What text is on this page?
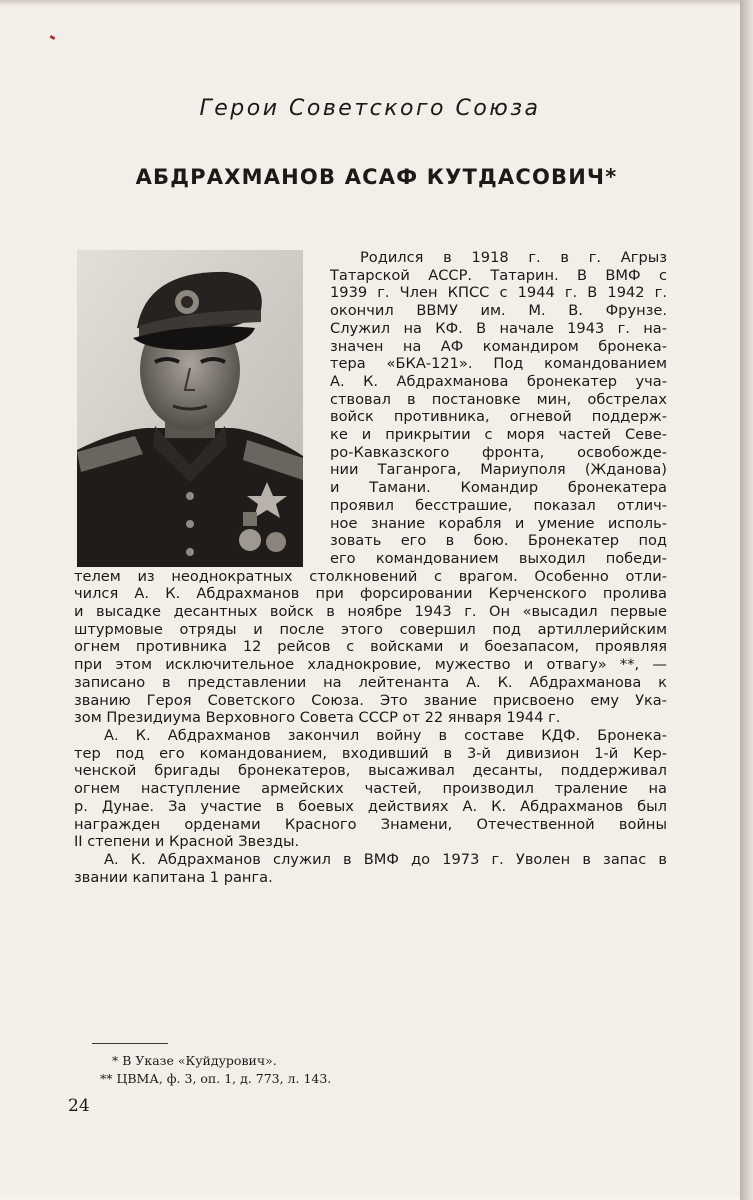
Герои Советского Союза
АБДРАХМАНОВ АСАФ КУТДАСОВИЧ*
Родился в 1918 г. в г. Агрыз
Татарской АССР. Татарин. В ВМФ с
1939 г. Член КПСС с 1944 г. В 1942 г.
окончил ВВМУ им. М. В. Фрунзе.
Служил на КФ. В начале 1943 г. на-
значен на АФ командиром бронека-
тера «БКА-121». Под командованием
А. К. Абдрахманова бронекатер уча-
ствовал в постановке мин, обстрелах
войск противника, огневой поддерж-
ке и прикрытии с моря частей Севе-
ро-Кавказского фронта, освобожде-
нии Таганрога, Мариуполя (Жданова)
и Тамани. Командир бронекатера
проявил бесстрашие, показал отлич-
ное знание корабля и умение исполь-
зовать его в бою. Бронекатер под
его командованием выходил победи-
телем из неоднократных столкновений с врагом. Особенно отли-
чился А. К. Абдрахманов при форсировании Керченского пролива
и высадке десантных войск в ноябре 1943 г. Он «высадил первые
штурмовые отряды и после этого совершил под артиллерийским
огнем противника 12 рейсов с войсками и боезапасом, проявляя
при этом исключительное хладнокровие, мужество и отвагу» **, —
записано в представлении на лейтенанта А. К. Абдрахманова к
званию Героя Советского Союза. Это звание присвоено ему Ука-
зом Президиума Верховного Совета СССР от 22 января 1944 г.
А. К. Абдрахманов закончил войну в составе КДФ. Бронека-
тер под его командованием, входивший в 3-й дивизион 1-й Кер-
ченской бригады бронекатеров, высаживал десанты, поддерживал
огнем наступление армейских частей, производил траление на
р. Дунае. За участие в боевых действиях А. К. Абдрахманов был
награжден орденами Красного Знамени, Отечественной войны
II степени и Красной Звезды.
А. К. Абдрахманов служил в ВМФ до 1973 г. Уволен в запас в
звании капитана 1 ранга.
* В Указе «Куйдурович».
** ЦВМА, ф. 3, оп. 1, д. 773, л. 143.
24
